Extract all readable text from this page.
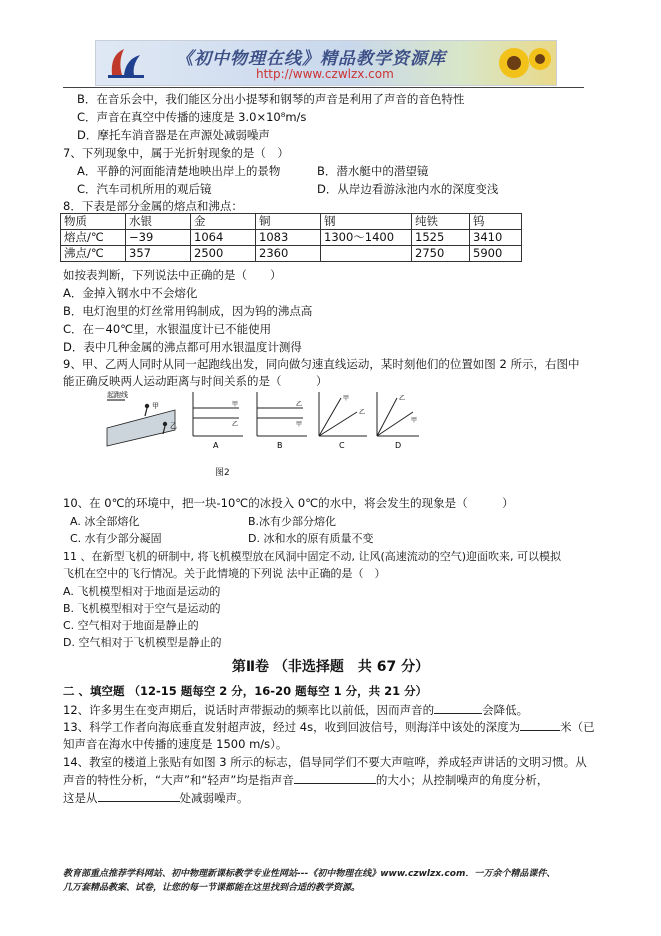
《初中物理在线》精品教学资源库
http://www.czwlzx.com
B．在音乐会中，我们能区分出小提琴和钢琴的声音是利用了声音的音色特性
C．声音在真空中传播的速度是 3.0×10⁸m/s
D．摩托车消音器是在声源处减弱噪声
7、下列现象中，属于光折射现象的是（　）
A．平静的河面能清楚地映出岸上的景物	B．潜水艇中的潜望镜
C．汽车司机所用的观后镜	D．从岸边看游泳池内水的深度变浅
8．下表是部分金属的熔点和沸点：
物质	水银	金	铜	钢	纯铁	钨
熔点/℃	−39	1064	1083	1300～1400	1525	3410
沸点/℃	357	2500	2360		2750	5900
如按表判断，下列说法中正确的是（　　）
A．金掉入钢水中不会熔化
B．电灯泡里的灯丝常用钨制成，因为钨的沸点高
C．在－40℃里，水银温度计已不能使用
D．表中几种金属的沸点都可用水银温度计测得
9、甲、乙两人同时从同一起跑线出发，同向做匀速直线运动，某时刻他们的位置如图 2 所示，右图中
能正确反映两人运动距离与时间关系的是（　　　）
起跑线
甲
乙
甲
乙
A
乙
甲
B
甲
乙
C
乙
甲
D
图2
10、在 0℃的环境中，把一块-10℃的冰投入 0℃的水中，将会发生的现象是（　　　）
A. 冰全部熔化	B.冰有少部分熔化
C. 水有少部分凝固	D. 冰和水的原有质量不变
11 、在新型飞机的研制中, 将飞机模型放在风洞中固定不动, 让风(高速流动的空气)迎面吹来, 可以模拟
飞机在空中的飞行情况。关于此情境的下列说 法中正确的是（　）
A. 飞机模型相对于地面是运动的
B. 飞机模型相对于空气是运动的
C. 空气相对于地面是静止的
D. 空气相对于飞机模型是静止的
第Ⅱ卷 （非选择题　共 67 分）
二 、填空题 （12-15 题每空 2 分，16-20 题每空 1 分，共 21 分）
12、许多男生在变声期后，说话时声带振动的频率比以前低，因而声音的	会降低。
13、科学工作者向海底垂直发射超声波，经过 4s，收到回波信号，则海洋中该处的深度为	米（已
知声音在海水中传播的速度是 1500 m/s）。
14、教室的楼道上张贴有如图 3 所示的标志，倡导同学们不要大声喧哗，养成轻声讲话的文明习惯。从
声音的特性分析，“大声”和“轻声”均是指声音	的大小；从控制噪声的角度分析，
这是从	处减弱噪声。
教育部重点推荐学科网站、初中物理新课标教学专业性网站---《初中物理在线》www.czwlzx.com．一万余个精品课件、
几万套精品教案、试卷，让您的每一节课都能在这里找到合适的教学资源。
